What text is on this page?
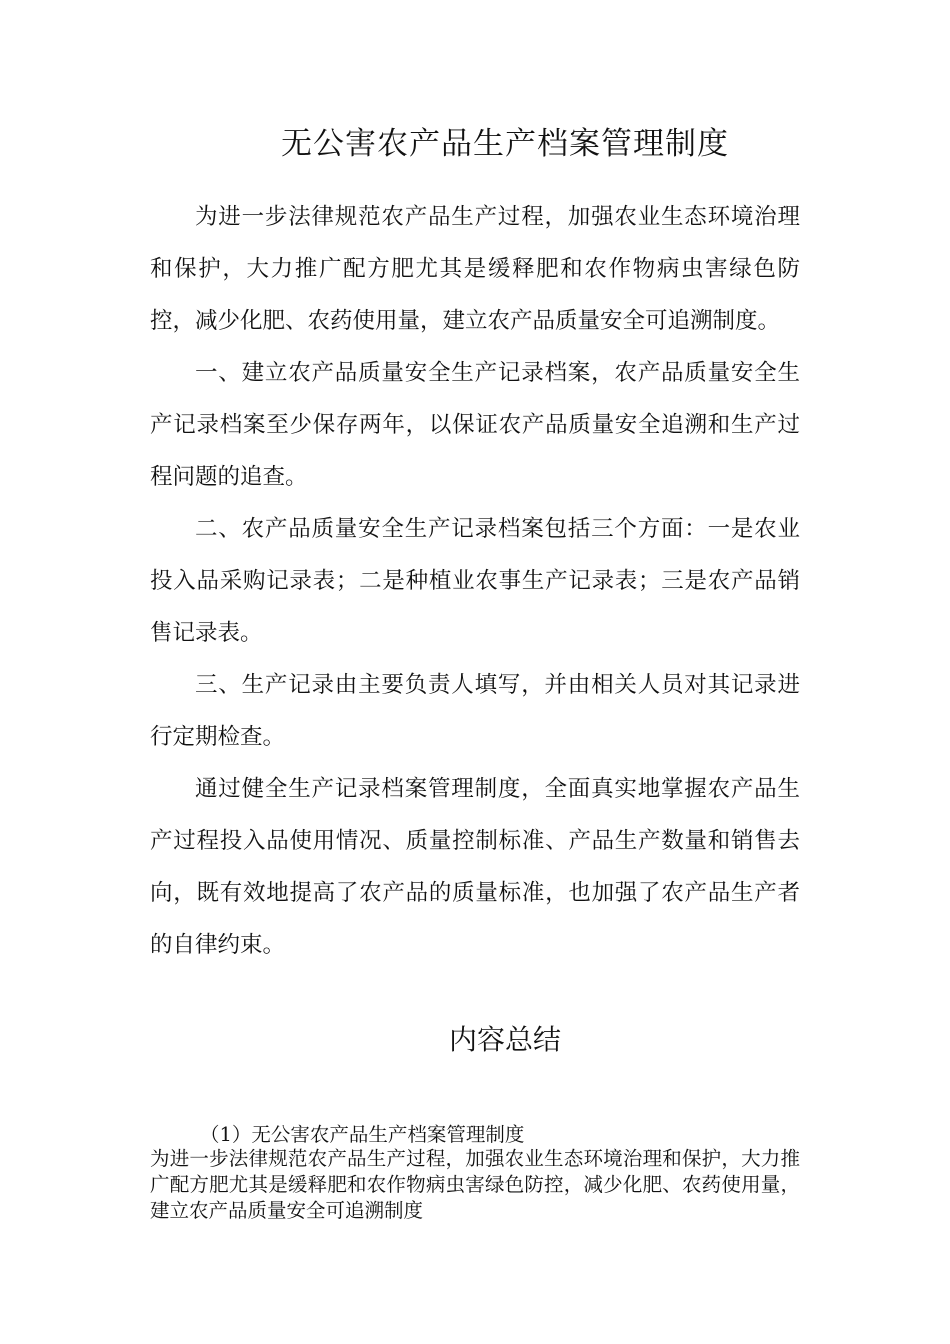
无公害农产品生产档案管理制度

为进一步法律规范农产品生产过程，加强农业生态环境治理和保护，大力推广配方肥尤其是缓释肥和农作物病虫害绿色防控，减少化肥、农药使用量，建立农产品质量安全可追溯制度。

一、建立农产品质量安全生产记录档案，农产品质量安全生产记录档案至少保存两年，以保证农产品质量安全追溯和生产过程问题的追查。

二、农产品质量安全生产记录档案包括三个方面：一是农业投入品采购记录表；二是种植业农事生产记录表；三是农产品销售记录表。

三、生产记录由主要负责人填写，并由相关人员对其记录进行定期检查。

通过健全生产记录档案管理制度，全面真实地掌握农产品生产过程投入品使用情况、质量控制标准、产品生产数量和销售去向，既有效地提高了农产品的质量标准，也加强了农产品生产者的自律约束。

内容总结
（1）无公害农产品生产档案管理制度

为进一步法律规范农产品生产过程，加强农业生态环境治理和保护，大力推广配方肥尤其是缓释肥和农作物病虫害绿色防控，减少化肥、农药使用量，建立农产品质量安全可追溯制度
